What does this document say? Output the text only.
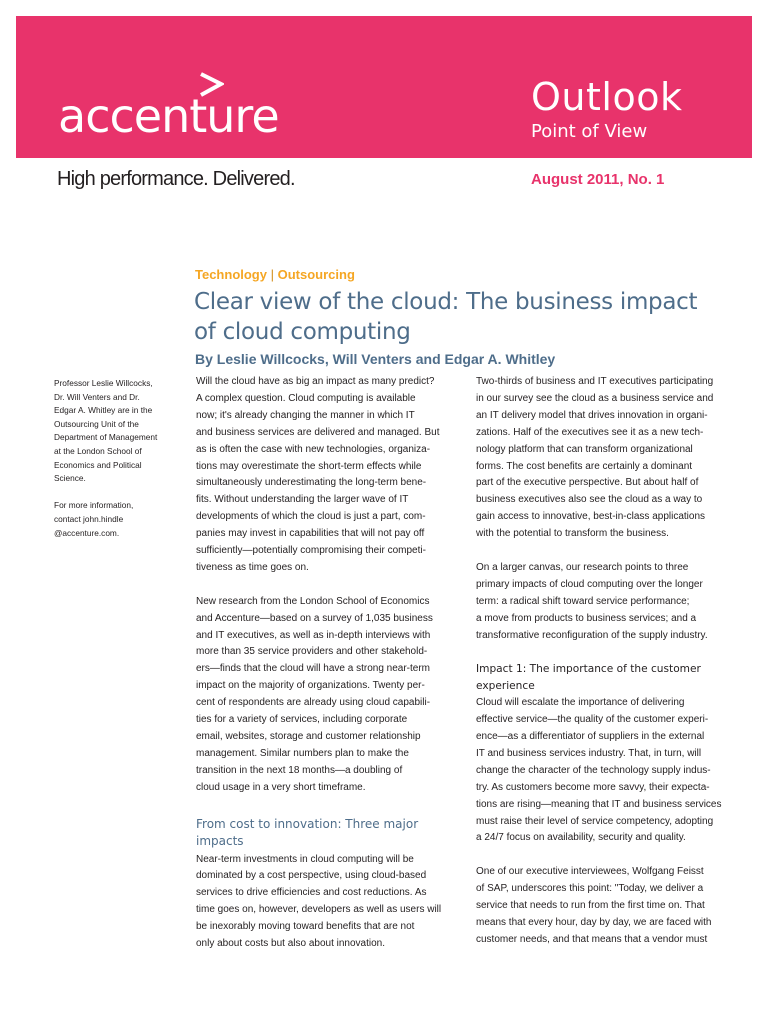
accenture	Outlook
Point of View
High performance. Delivered.	August 2011, No. 1
Technology | Outsourcing
Clear view of the cloud: The business impact
of cloud computing
By Leslie Willcocks, Will Venters and Edgar A. Whitley

Professor Leslie Willcocks,
Dr. Will Venters and Dr.
Edgar A. Whitley are in the
Outsourcing Unit of the
Department of Management
at the London School of
Economics and Political
Science.

For more information,
contact john.hindle
@accenture.com.

Will the cloud have as big an impact as many predict?
A complex question. Cloud computing is available
now; it's already changing the manner in which IT
and business services are delivered and managed. But
as is often the case with new technologies, organiza-
tions may overestimate the short-term effects while
simultaneously underestimating the long-term bene-
fits. Without understanding the larger wave of IT
developments of which the cloud is just a part, com-
panies may invest in capabilities that will not pay off
sufficiently—potentially compromising their competi-
tiveness as time goes on.
New research from the London School of Economics
and Accenture—based on a survey of 1,035 business
and IT executives, as well as in-depth interviews with
more than 35 service providers and other stakehold-
ers—finds that the cloud will have a strong near-term
impact on the majority of organizations. Twenty per-
cent of respondents are already using cloud capabili-
ties for a variety of services, including corporate
email, websites, storage and customer relationship
management. Similar numbers plan to make the
transition in the next 18 months—a doubling of
cloud usage in a very short timeframe.
From cost to innovation: Three major
impacts
Near-term investments in cloud computing will be
dominated by a cost perspective, using cloud-based
services to drive efficiencies and cost reductions. As
time goes on, however, developers as well as users will
be inexorably moving toward benefits that are not
only about costs but also about innovation.
Two-thirds of business and IT executives participating
in our survey see the cloud as a business service and
an IT delivery model that drives innovation in organi-
zations. Half of the executives see it as a new tech-
nology platform that can transform organizational
forms. The cost benefits are certainly a dominant
part of the executive perspective. But about half of
business executives also see the cloud as a way to
gain access to innovative, best-in-class applications
with the potential to transform the business.
On a larger canvas, our research points to three
primary impacts of cloud computing over the longer
term: a radical shift toward service performance;
a move from products to business services; and a
transformative reconfiguration of the supply industry.
Impact 1: The importance of the customer
experience
Cloud will escalate the importance of delivering
effective service—the quality of the customer experi-
ence—as a differentiator of suppliers in the external
IT and business services industry. That, in turn, will
change the character of the technology supply indus-
try. As customers become more savvy, their expecta-
tions are rising—meaning that IT and business services
must raise their level of service competency, adopting
a 24/7 focus on availability, security and quality.
One of our executive interviewees, Wolfgang Feisst
of SAP, underscores this point: "Today, we deliver a
service that needs to run from the first time on. That
means that every hour, day by day, we are faced with
customer needs, and that means that a vendor must
